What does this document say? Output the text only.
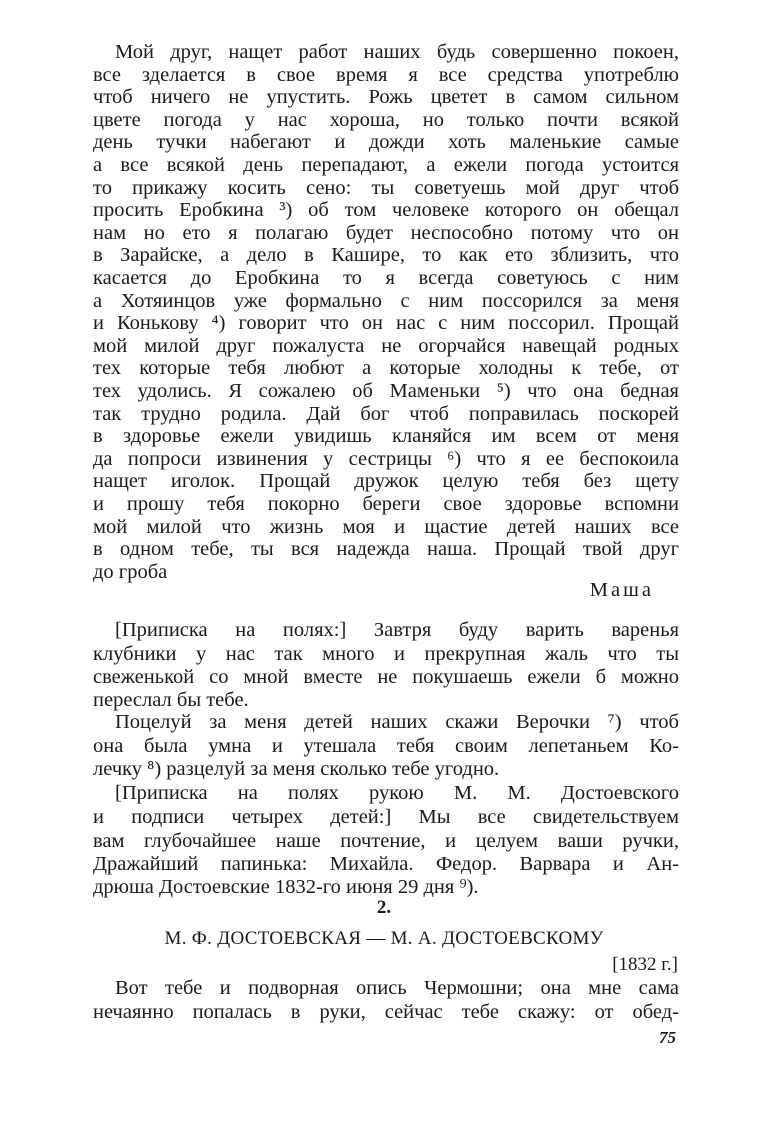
Мой друг, нащет работ наших будь совершенно покоен,
все зделается в свое время я все средства употреблю
чтоб ничего не упустить. Рожь цветет в самом сильном
цвете погода у нас хороша, но только почти всякой
день тучки набегают и дожди хоть маленькие самые
а все всякой день перепадают, а ежели погода устоится
то прикажу косить сено: ты советуешь мой друг чтоб
просить Еробкина ³) об том человеке которого он обещал
нам но ето я полагаю будет неспособно потому что он
в Зарайске, а дело в Кашире, то как ето зблизить, что
касается до Еробкина то я всегда советуюсь с ним
а Хотяинцов уже формально с ним поссорился за меня
и Конькову ⁴) говорит что он нас с ним поссорил. Прощай
мой милой друг пожалуста не огорчайся навещай родных
тех которые тебя любют а которые холодны к тебе, от
тех удолись. Я сожалею об Маменьки ⁵) что она бедная
так трудно родила. Дай бог чтоб поправилась поскорей
в здоровье ежели увидишь кланяйся им всем от меня
да попроси извинения у сестрицы ⁶) что я ее беспокоила
нащет иголок. Прощай дружок целую тебя без щету
и прошу тебя покорно береги свое здоровье вспомни
мой милой что жизнь моя и щастие детей наших все
в одном тебе, ты вся надежда наша. Прощай твой друг
до гроба
Маша
[Приписка на полях:] Завтря буду варить варенья
клубники у нас так много и прекрупная жаль что ты
свеженькой со мной вместе не покушаешь ежели б можно
переслал бы тебе.
Поцелуй за меня детей наших скажи Верочки ⁷) чтоб
она была умна и утешала тебя своим лепетаньем Ко-
лечку ⁸) разцелуй за меня сколько тебе угодно.
[Приписка на полях рукою М. М. Достоевского
и подписи четырех детей:] Мы все свидетельствуем
вам глубочайшее наше почтение, и целуем ваши ручки,
Дражайший папинька: Михайла. Федор. Варвара и Ан-
дрюша Достоевские 1832-го июня 29 дня ⁹).
2.
М. Ф. ДОСТОЕВСКАЯ — М. А. ДОСТОЕВСКОМУ
[1832 г.]
Вот тебе и подворная опись Чермошни; она мне сама
нечаянно попалась в руки, сейчас тебе скажу: от обед-
75
